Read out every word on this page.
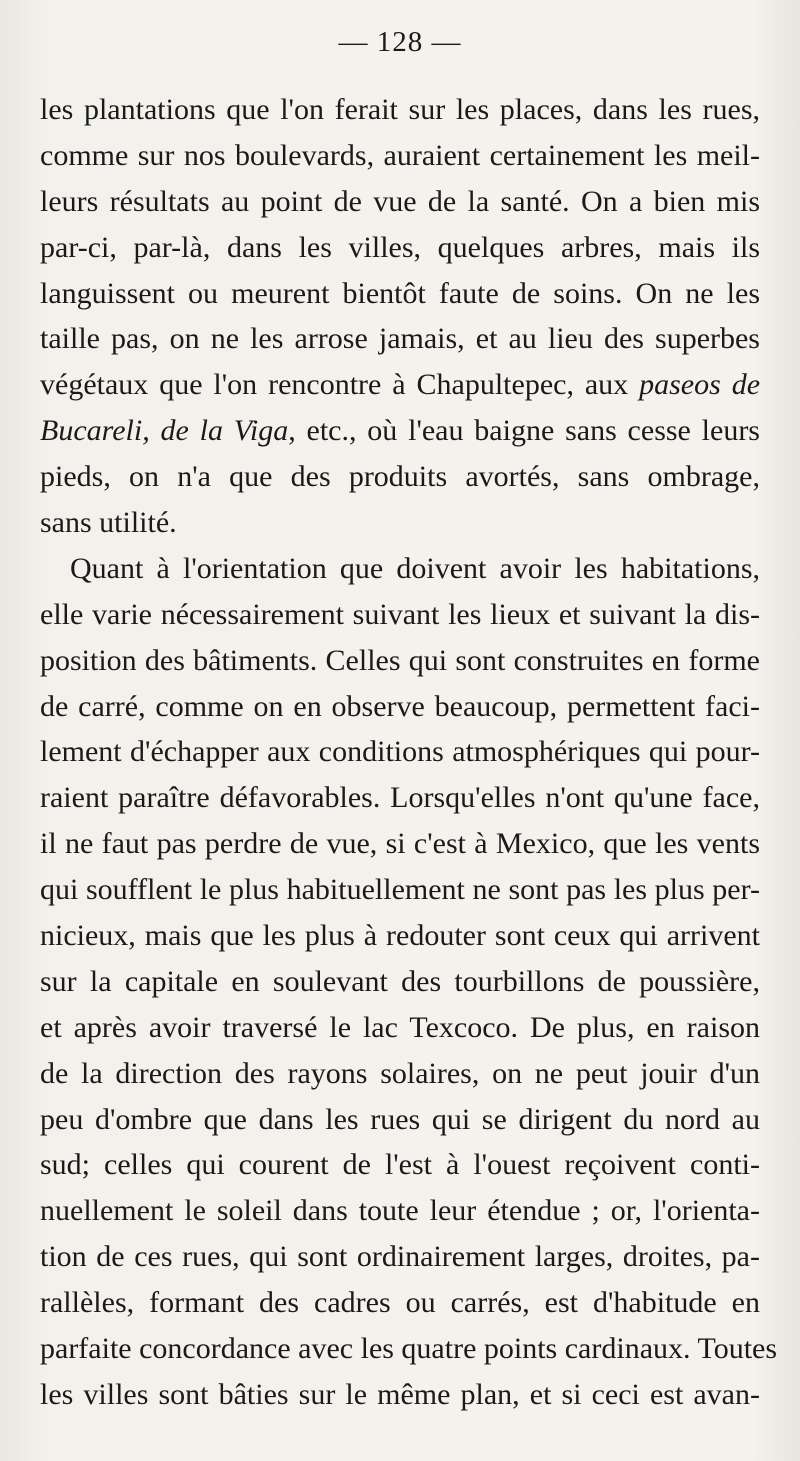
— 128 —
les plantations que l'on ferait sur les places, dans les rues,
comme sur nos boulevards, auraient certainement les meil-
leurs résultats au point de vue de la santé. On a bien mis
par-ci, par-là, dans les villes, quelques arbres, mais ils
languissent ou meurent bientôt faute de soins. On ne les
taille pas, on ne les arrose jamais, et au lieu des superbes
végétaux que l'on rencontre à Chapultepec, aux paseos de
Bucareli, de la Viga, etc., où l'eau baigne sans cesse leurs
pieds, on n'a que des produits avortés, sans ombrage,
sans utilité.
Quant à l'orientation que doivent avoir les habitations,
elle varie nécessairement suivant les lieux et suivant la dis-
position des bâtiments. Celles qui sont construites en forme
de carré, comme on en observe beaucoup, permettent faci-
lement d'échapper aux conditions atmosphériques qui pour-
raient paraître défavorables. Lorsqu'elles n'ont qu'une face,
il ne faut pas perdre de vue, si c'est à Mexico, que les vents
qui soufflent le plus habituellement ne sont pas les plus per-
nicieux, mais que les plus à redouter sont ceux qui arrivent
sur la capitale en soulevant des tourbillons de poussière,
et après avoir traversé le lac Texcoco. De plus, en raison
de la direction des rayons solaires, on ne peut jouir d'un
peu d'ombre que dans les rues qui se dirigent du nord au
sud; celles qui courent de l'est à l'ouest reçoivent conti-
nuellement le soleil dans toute leur étendue ; or, l'orienta-
tion de ces rues, qui sont ordinairement larges, droites, pa-
rallèles, formant des cadres ou carrés, est d'habitude en
parfaite concordance avec les quatre points cardinaux. Toutes
les villes sont bâties sur le même plan, et si ceci est avan-
